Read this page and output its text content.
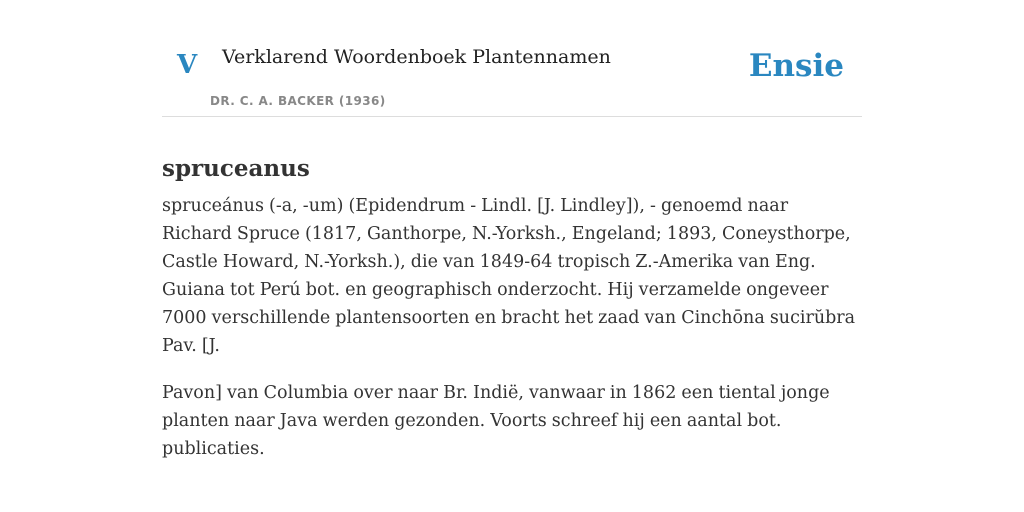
V Verklarend Woordenboek Plantennamen
DR. C. A. BACKER (1936)
Ensie
spruceanus

spruceánus (-a, -um) (Epidendrum - Lindl. [J. Lindley]), - genoemd naar Richard Spruce (1817, Ganthorpe, N.-Yorksh., Engeland; 1893, Coneysthorpe, Castle Howard, N.-Yorksh.), die van 1849-64 tropisch Z.-Amerika van Eng. Guiana tot Perú bot. en geographisch onderzocht. Hij verzamelde ongeveer 7000 verschillende plantensoorten en bracht het zaad van Cinchōna sucirŭbra Pav. [J.

Pavon] van Columbia over naar Br. Indië, vanwaar in 1862 een tiental jonge planten naar Java werden gezonden. Voorts schreef hij een aantal bot. publicaties.
